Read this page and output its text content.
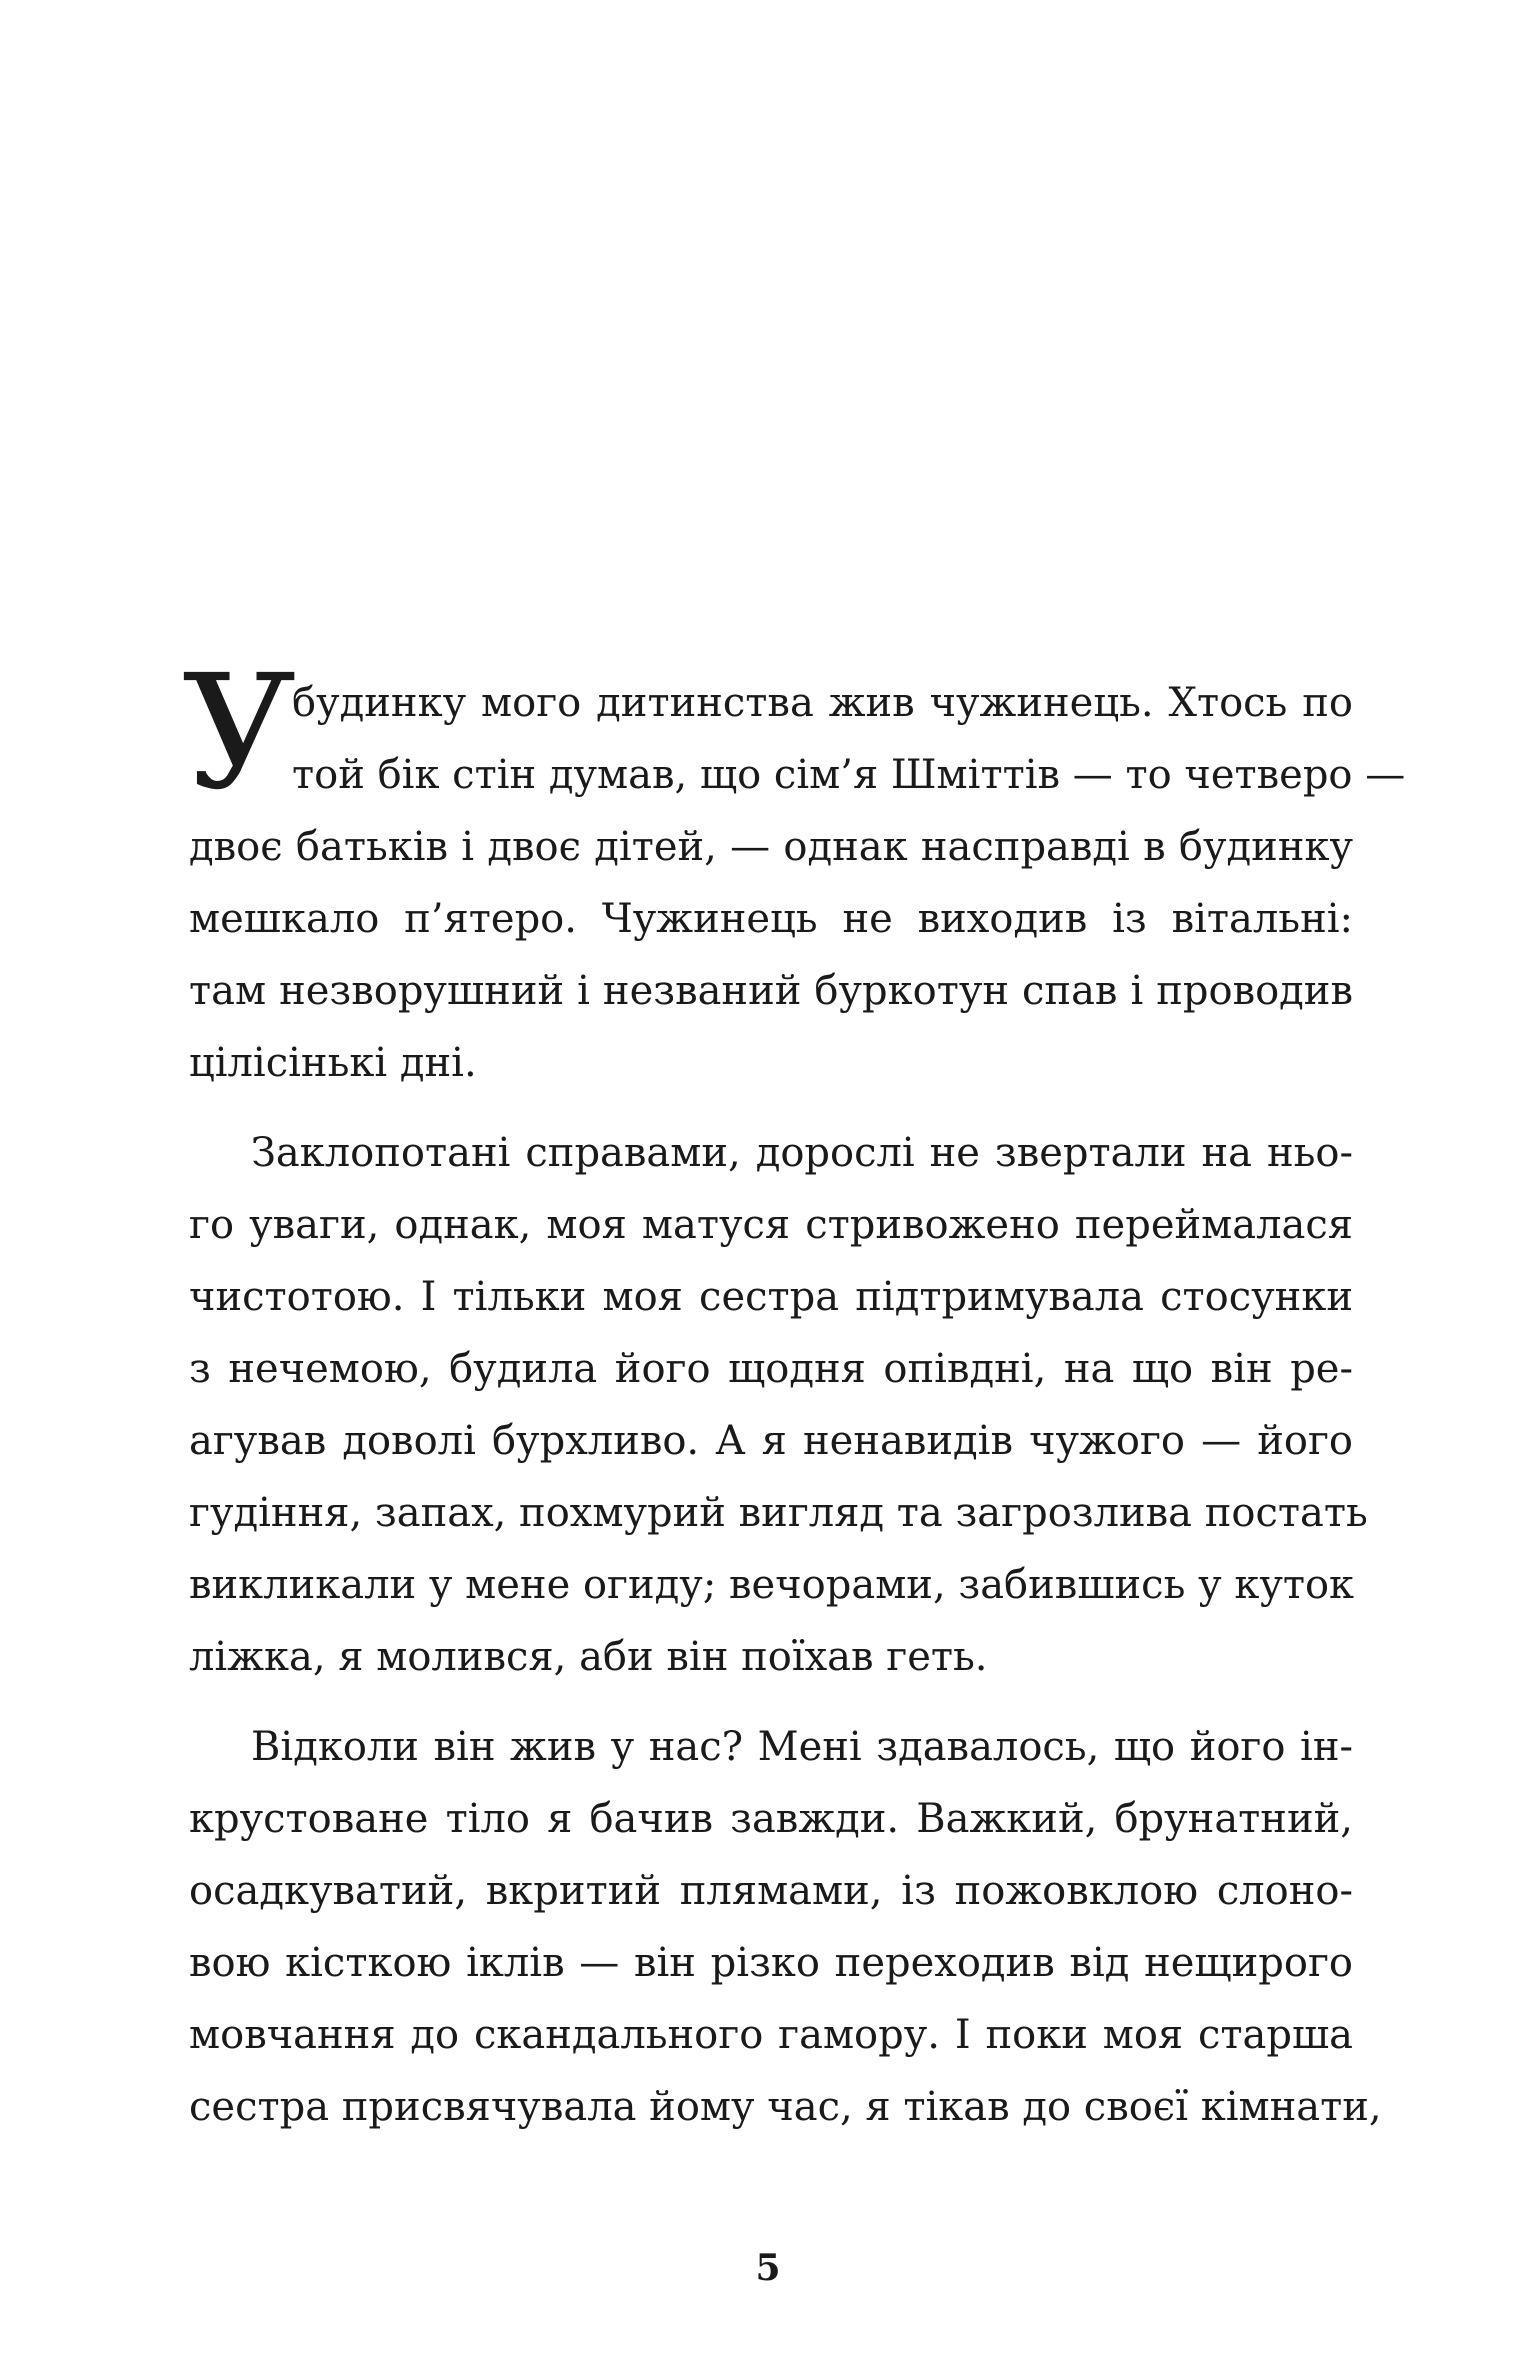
У
будинку мого дитинства жив чужинець. Хтось по
той бік стін думав, що сім’я Шміттів — то четверо —
двоє батьків і двоє дітей, — однак насправді в будинку
мешкало п’ятеро. Чужинець не виходив із вітальні:
там незворушний і незваний буркотун спав і проводив
цілісінькі дні.
Заклопотані справами, дорослі не звертали на ньо-
го уваги, однак, моя матуся стривожено переймалася
чистотою. І тільки моя сестра підтримувала стосунки
з нечемою, будила його щодня опівдні, на що він ре-
агував доволі бурхливо. А я ненавидів чужого — його
гудіння, запах, похмурий вигляд та загрозлива постать
викликали у мене огиду; вечорами, забившись у куток
ліжка, я молився, аби він поїхав геть.
Відколи він жив у нас? Мені здавалось, що його ін-
крустоване тіло я бачив завжди. Важкий, брунатний,
осадкуватий, вкритий плямами, із пожовклою слоно-
вою кісткою іклів — він різко переходив від нещирого
мовчання до скандального гамору. І поки моя старша
сестра присвячувала йому час, я тікав до своєї кімнати,
5
